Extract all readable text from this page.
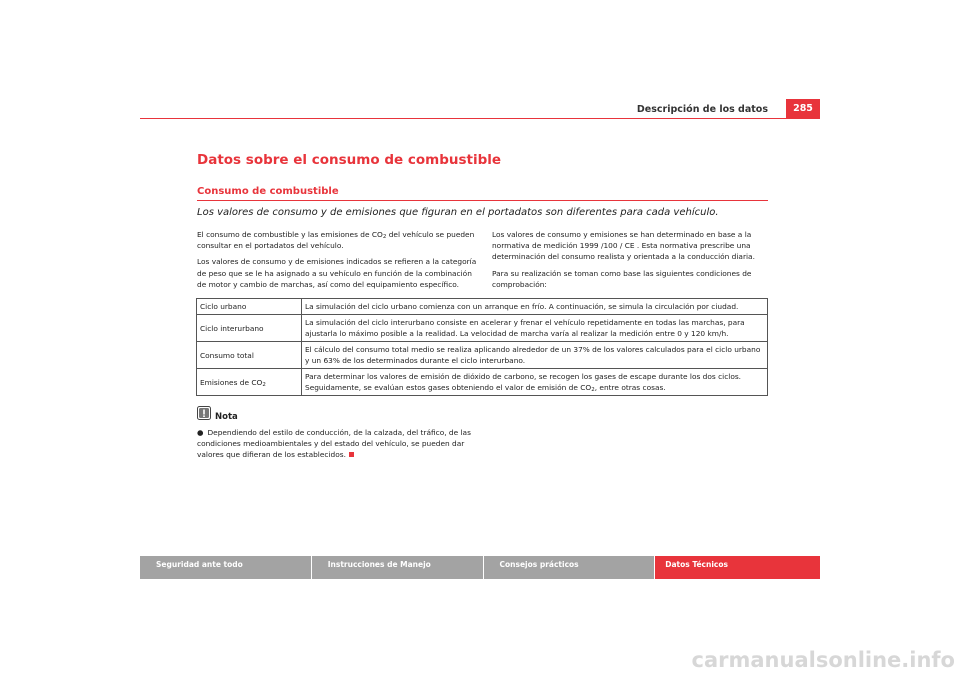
Descripción de los datos	285
Datos sobre el consumo de combustible
Consumo de combustible

Los valores de consumo y de emisiones que figuran en el portadatos son diferentes para cada vehículo.

El consumo de combustible y las emisiones de $CO_2$ del vehículo se pueden consultar en el portadatos del vehículo.

Los valores de consumo y de emisiones indicados se refieren a la categoría de peso que se le ha asignado a su vehículo en función de la combinación de motor y cambio de marchas, así como del equipamiento específico.

Los valores de consumo y emisiones se han determinado en base a la normativa de medición 1999 /100 / CE . Esta normativa prescribe una determinación del consumo realista y orientada a la conducción diaria.

Para su realización se toman como base las siguientes condiciones de comprobación:

Ciclo urbano	La simulación del ciclo urbano comienza con un arranque en frío. A continuación, se simula la circulación por ciudad.
Ciclo interurbano	La simulación del ciclo interurbano consiste en acelerar y frenar el vehículo repetidamente en todas las marchas, para ajustarla lo máximo posible a la realidad. La velocidad de marcha varía al realizar la medición entre 0 y 120 km/h.
Consumo total	El cálculo del consumo total medio se realiza aplicando alrededor de un 37% de los valores calculados para el ciclo urbano y un 63% de los determinados durante el ciclo interurbano.
Emisiones de $CO_2$	Para determinar los valores de emisión de dióxido de carbono, se recogen los gases de escape durante los dos ciclos. Seguidamente, se evalúan estos gases obteniendo el valor de emisión de $CO_2$, entre otras cosas.
Nota

● Dependiendo del estilo de conducción, de la calzada, del tráfico, de las condiciones medioambientales y del estado del vehículo, se pueden dar valores que difieran de los establecidos.

Seguridad ante todo	Instrucciones de Manejo	Consejos prácticos	Datos Técnicos
carmanualsonline.info
